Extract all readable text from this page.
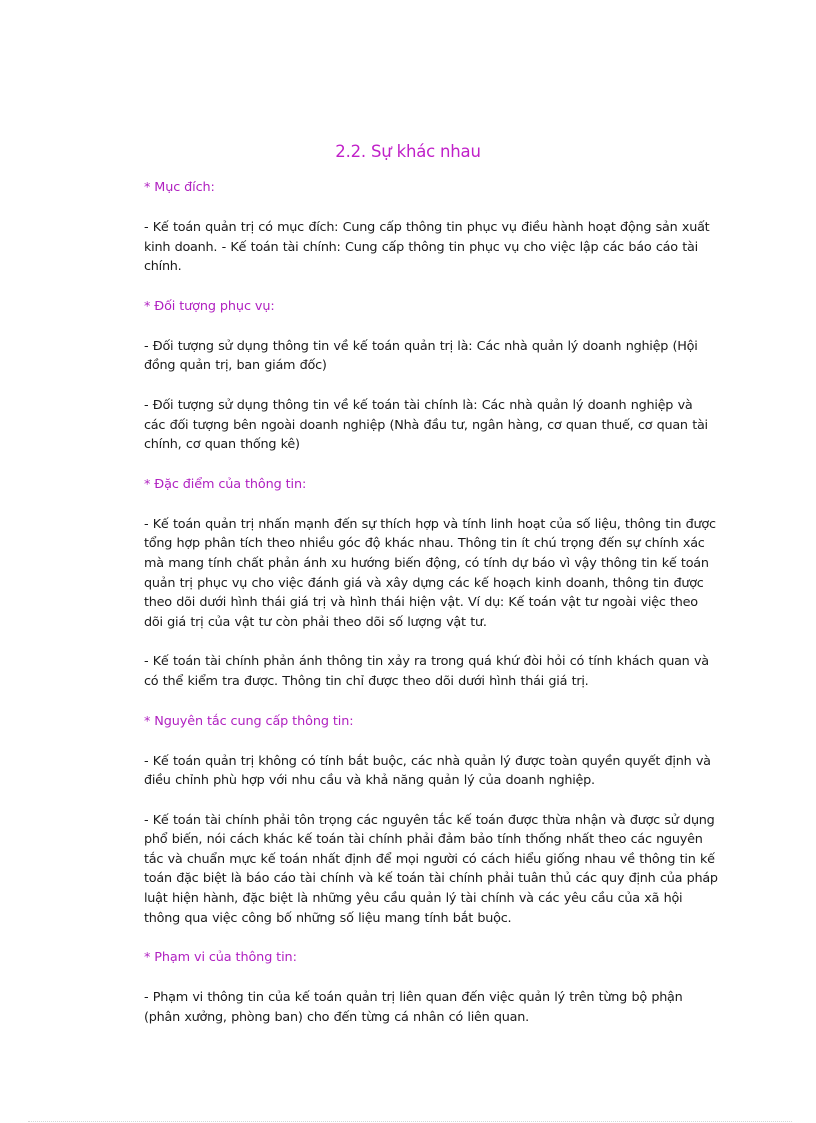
2.2. Sự khác nhau
* Mục đích:
- Kế toán quản trị có mục đích: Cung cấp thông tin phục vụ điều hành hoạt động sản xuất kinh doanh. - Kế toán tài chính: Cung cấp thông tin phục vụ cho việc lập các báo cáo tài chính.
* Đối tượng phục vụ:
- Đối tượng sử dụng thông tin về kế toán quản trị là: Các nhà quản lý doanh nghiệp (Hội đồng quản trị, ban giám đốc)
- Đối tượng sử dụng thông tin về kế toán tài chính là: Các nhà quản lý doanh nghiệp và các đối tượng bên ngoài doanh nghiệp (Nhà đầu tư, ngân hàng, cơ quan thuế, cơ quan tài chính, cơ quan thống kê)
* Đặc điểm của thông tin:
- Kế toán quản trị nhấn mạnh đến sự thích hợp và tính linh hoạt của số liệu, thông tin được tổng hợp phân tích theo nhiều góc độ khác nhau. Thông tin ít chú trọng đến sự chính xác mà mang tính chất phản ánh xu hướng biến động, có tính dự báo vì vậy thông tin kế toán quản trị phục vụ cho việc đánh giá và xây dựng các kế hoạch kinh doanh, thông tin được theo dõi dưới hình thái giá trị và hình thái hiện vật. Ví dụ: Kế toán vật tư ngoài việc theo dõi giá trị của vật tư còn phải theo dõi số lượng vật tư.
- Kế toán tài chính phản ánh thông tin xảy ra trong quá khứ đòi hỏi có tính khách quan và có thể kiểm tra được. Thông tin chỉ được theo dõi dưới hình thái giá trị.
* Nguyên tắc cung cấp thông tin:
- Kế toán quản trị không có tính bắt buộc, các nhà quản lý được toàn quyền quyết định và điều chỉnh phù hợp với nhu cầu và khả năng quản lý của doanh nghiệp.
- Kế toán tài chính phải tôn trọng các nguyên tắc kế toán được thừa nhận và được sử dụng phổ biến, nói cách khác kế toán tài chính phải đảm bảo tính thống nhất theo các nguyên tắc và chuẩn mực kế toán nhất định để mọi người có cách hiểu giống nhau về thông tin kế toán đặc biệt là báo cáo tài chính và kế toán tài chính phải tuân thủ các quy định của pháp luật hiện hành, đặc biệt là những yêu cầu quản lý tài chính và các yêu cầu của xã hội thông qua việc công bố những số liệu mang tính bắt buộc.
* Phạm vi của thông tin:
- Phạm vi thông tin của kế toán quản trị liên quan đến việc quản lý trên từng bộ phận (phân xưởng, phòng ban) cho đến từng cá nhân có liên quan.
